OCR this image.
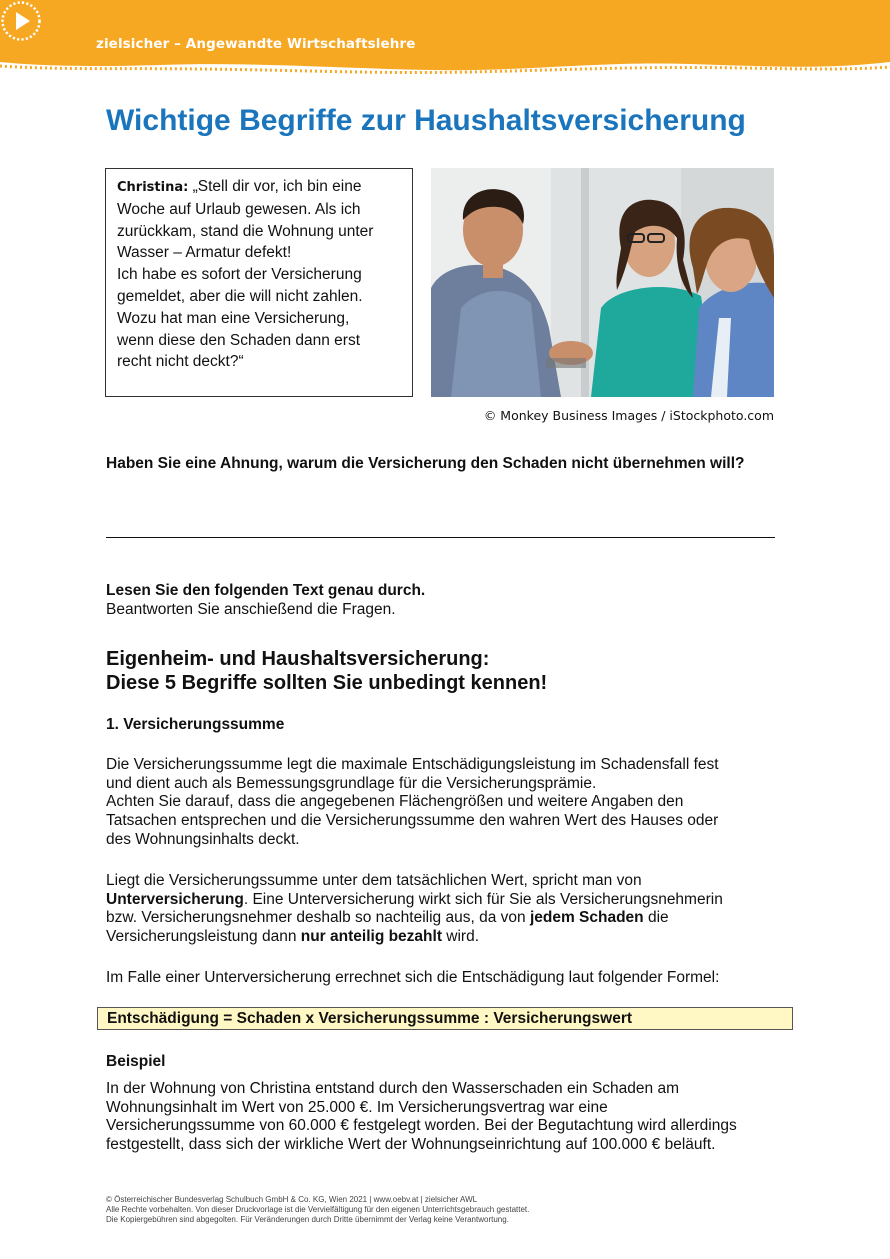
zielsicher – Angewandte Wirtschaftslehre
Wichtige Begriffe zur Haushaltsversicherung
Christina: „Stell dir vor, ich bin eine
Woche auf Urlaub gewesen. Als ich
zurückkam, stand die Wohnung unter
Wasser – Armatur defekt!
Ich habe es sofort der Versicherung
gemeldet, aber die will nicht zahlen.
Wozu hat man eine Versicherung,
wenn diese den Schaden dann erst
recht nicht deckt?“
© Monkey Business Images / iStockphoto.com
Haben Sie eine Ahnung, warum die Versicherung den Schaden nicht übernehmen will?
Lesen Sie den folgenden Text genau durch.
Beantworten Sie anschießend die Fragen.
Eigenheim- und Haushaltsversicherung:
Diese 5 Begriffe sollten Sie unbedingt kennen!
1. Versicherungssumme
Die Versicherungssumme legt die maximale Entschädigungsleistung im Schadensfall fest
und dient auch als Bemessungsgrundlage für die Versicherungsprämie.
Achten Sie darauf, dass die angegebenen Flächengrößen und weitere Angaben den
Tatsachen entsprechen und die Versicherungssumme den wahren Wert des Hauses oder
des Wohnungsinhalts deckt.
Liegt die Versicherungssumme unter dem tatsächlichen Wert, spricht man von
Unterversicherung. Eine Unterversicherung wirkt sich für Sie als Versicherungsnehmerin
bzw. Versicherungsnehmer deshalb so nachteilig aus, da von jedem Schaden die
Versicherungsleistung dann nur anteilig bezahlt wird.
Im Falle einer Unterversicherung errechnet sich die Entschädigung laut folgender Formel:
Entschädigung = Schaden x Versicherungssumme : Versicherungswert
Beispiel
In der Wohnung von Christina entstand durch den Wasserschaden ein Schaden am
Wohnungsinhalt im Wert von 25.000 €. Im Versicherungsvertrag war eine
Versicherungssumme von 60.000 € festgelegt worden. Bei der Begutachtung wird allerdings
festgestellt, dass sich der wirkliche Wert der Wohnungseinrichtung auf 100.000 € beläuft.
© Österreichischer Bundesverlag Schulbuch GmbH & Co. KG, Wien 2021 | www.oebv.at | zielsicher AWL
Alle Rechte vorbehalten. Von dieser Druckvorlage ist die Vervielfältigung für den eigenen Unterrichtsgebrauch gestattet.
Die Kopiergebühren sind abgegolten. Für Veränderungen durch Dritte übernimmt der Verlag keine Verantwortung.
